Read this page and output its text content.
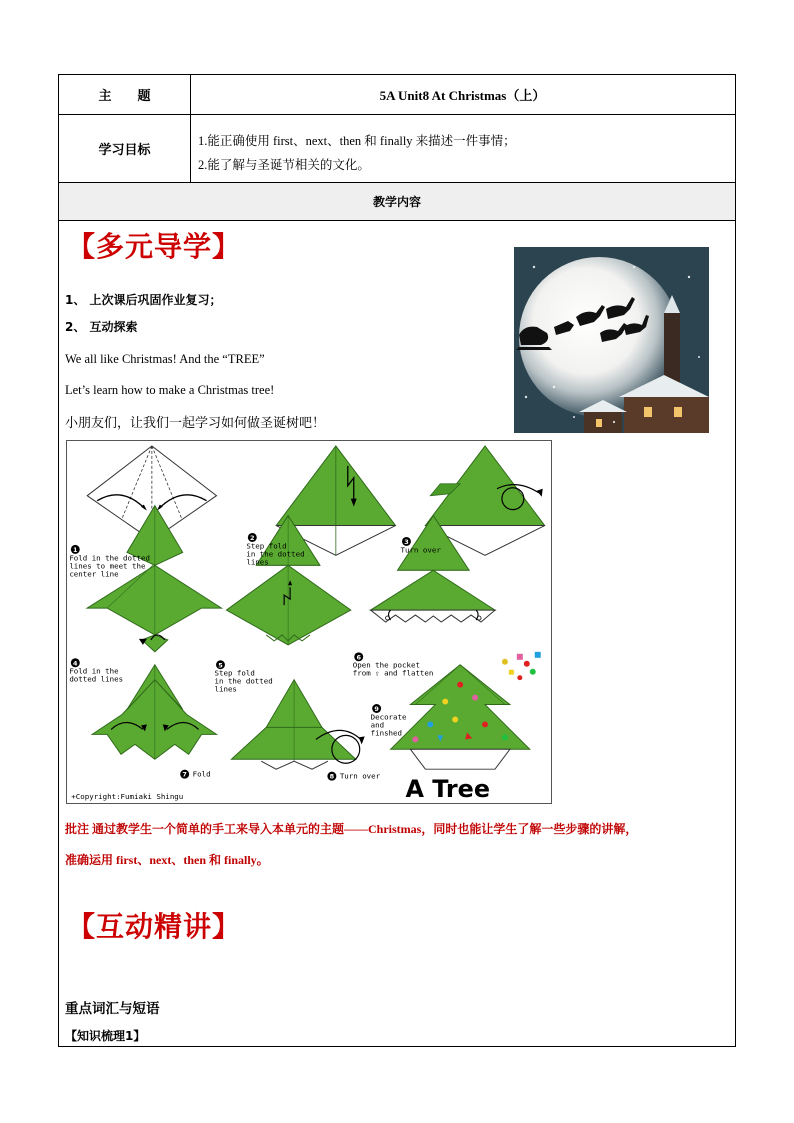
主　　题	5A Unit8 At Christmas（上）
学习目标
1.能正确使用 first、next、then 和 finally 来描述一件事情；
2.能了解与圣诞节相关的文化。
教学内容
【多元导学】
1、 上次课后巩固作业复习；
2、 互动探索
We all like Christmas! And the “TREE”
Let’s learn how to make a Christmas tree!
小朋友们，让我们一起学习如何做圣诞树吧！
1
Fold in the dotted
lines to meet the
center line
2
Step fold
in the dotted
lines
3
Turn over
4
Fold in the
dotted lines
5
Step fold
in the dotted
lines
6
Open the pocket
from ⇧ and flatten
7 Fold	8 Turn over
9
Decorate
and
finshed
+Copyright:Fumiaki Shingu	A Tree
批注 通过教学生一个简单的手工来导入本单元的主题——Christmas，同时也能让学生了解一些步骤的讲解，
准确运用 first、next、then 和 finally。
【互动精讲】
重点词汇与短语
【知识梳理1】
